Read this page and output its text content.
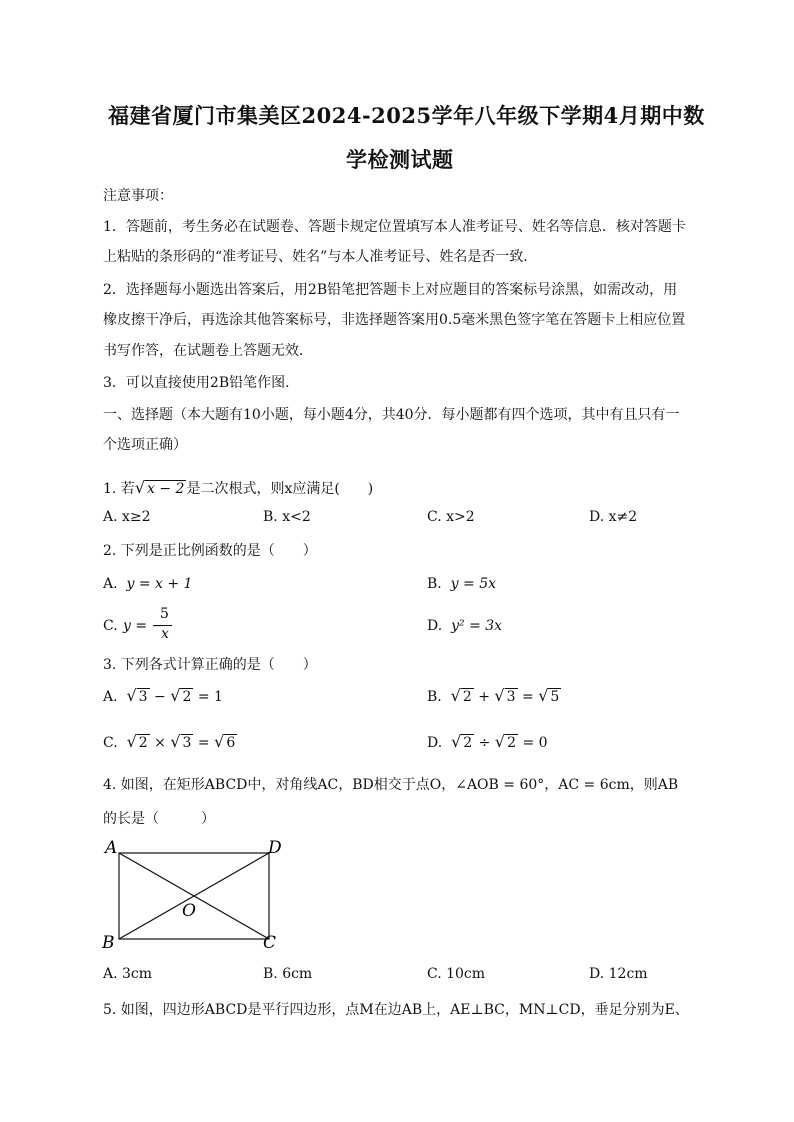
福建省厦门市集美区2024-2025学年八年级下学期4月期中数
学检测试题
注意事项：
1．答题前，考生务必在试题卷、答题卡规定位置填写本人准考证号、姓名等信息．核对答题卡
上粘贴的条形码的“准考证号、姓名”与本人准考证号、姓名是否一致．
2．选择题每小题选出答案后，用2B铅笔把答题卡上对应题目的答案标号涂黑，如需改动，用
橡皮擦干净后，再选涂其他答案标号，非选择题答案用0.5毫米黑色签字笔在答题卡上相应位置
书写作答，在试题卷上答题无效．
3．可以直接使用2B铅笔作图．
一、选择题（本大题有10小题，每小题4分，共40分．每小题都有四个选项，其中有且只有一
个选项正确）
1. 若√ x − 2 是二次根式，则x应满足(　　)
A. x≥2	B. x<2	C. x>2	D. x≠2
2. 下列是正比例函数的是（　　）
A. y = x + 1	B. y = 5x
C. y = −
5
x	D. y² = 3x
3. 下列各式计算正确的是（　　）
A. √ 3 − √ 2 = 1	B. √ 2 + √ 3 = √ 5
C. √ 2 × √ 3 = √ 6	D. √ 2 ÷ √ 2 = 0
4. 如图，在矩形ABCD中，对角线AC，BD相交于点O，∠AOB = 60°，AC = 6cm，则AB
的长是（　　　）
A	D
B	C
O
A. 3cm	B. 6cm	C. 10cm	D. 12cm
5. 如图，四边形ABCD是平行四边形，点M在边AB上，AE⊥BC，MN⊥CD，垂足分别为E、
